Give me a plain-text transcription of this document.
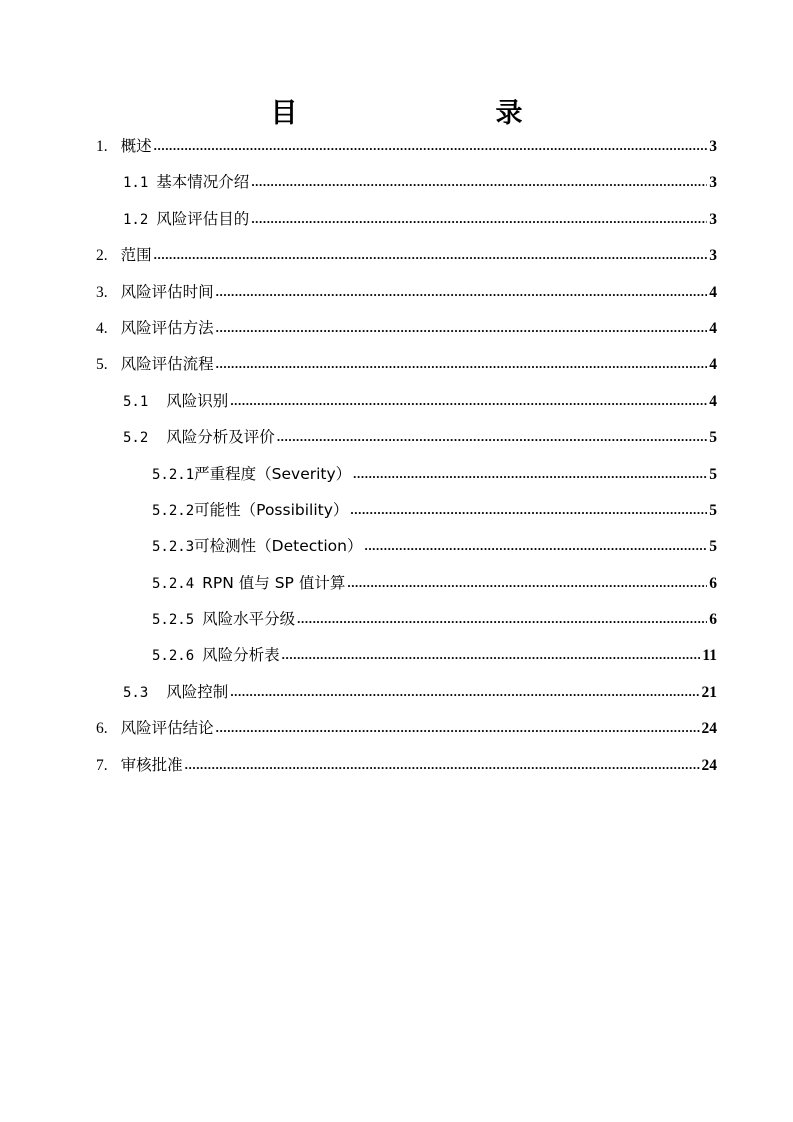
目　　录
1. 概述 .....	3
1.1 基本情况介绍 .....	3
1.2 风险评估目的 .....	3
2. 范围 .....	3
3. 风险评估时间 .....	4
4. 风险评估方法 .....	4
5. 风险评估流程 .....	4
5.1 风险识别 .....	4
5.2 风险分析及评价 .....	5
5.2.1 严重程度（Severity） .....	5
5.2.2 可能性（Possibility） .....	5
5.2.3 可检测性（Detection） .....	5
5.2.4 RPN 值与 SP 值计算 .....	6
5.2.5 风险水平分级 .....	6
5.2.6 风险分析表 .....	11
5.3 风险控制 .....	21
6. 风险评估结论 .....	24
7. 审核批准 .....	24
